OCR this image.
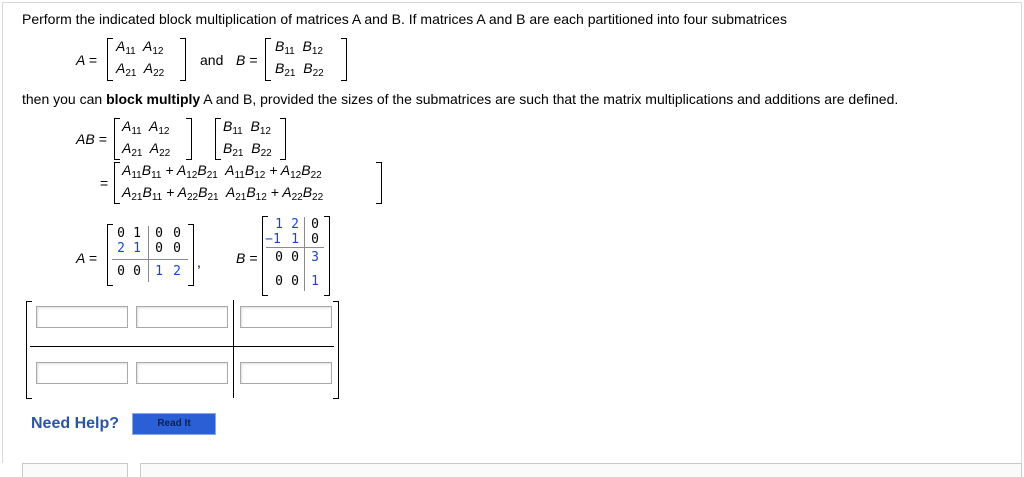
Perform the indicated block multiplication of matrices A and B. If matrices A and B are each partitioned into four submatrices
A =
$A_{11}$  $A_{12}$
$A_{21}$  $A_{22}$
and B =
$B_{11}$  $B_{12}$
$B_{21}$  $B_{22}$
then you can block multiply A and B, provided the sizes of the submatrices are such that the matrix multiplications and additions are defined.
AB =
$A_{11}$  $A_{12}$
$A_{21}$  $A_{22}$
$B_{11}$  $B_{12}$
$B_{21}$  $B_{22}$
=
$A_{11}B_{11} + A_{12}B_{21}$  $A_{11}B_{12} + A_{12}B_{22}$
$A_{21}B_{11} + A_{22}B_{21}$  $A_{21}B_{12} + A_{22}B_{22}$
A =
0 1 0 0
2 1 0 0
0 0 1 2
,	B =
1 2 0
−1 1 0
0 0 3
0 0 1
Need Help?	Read It
